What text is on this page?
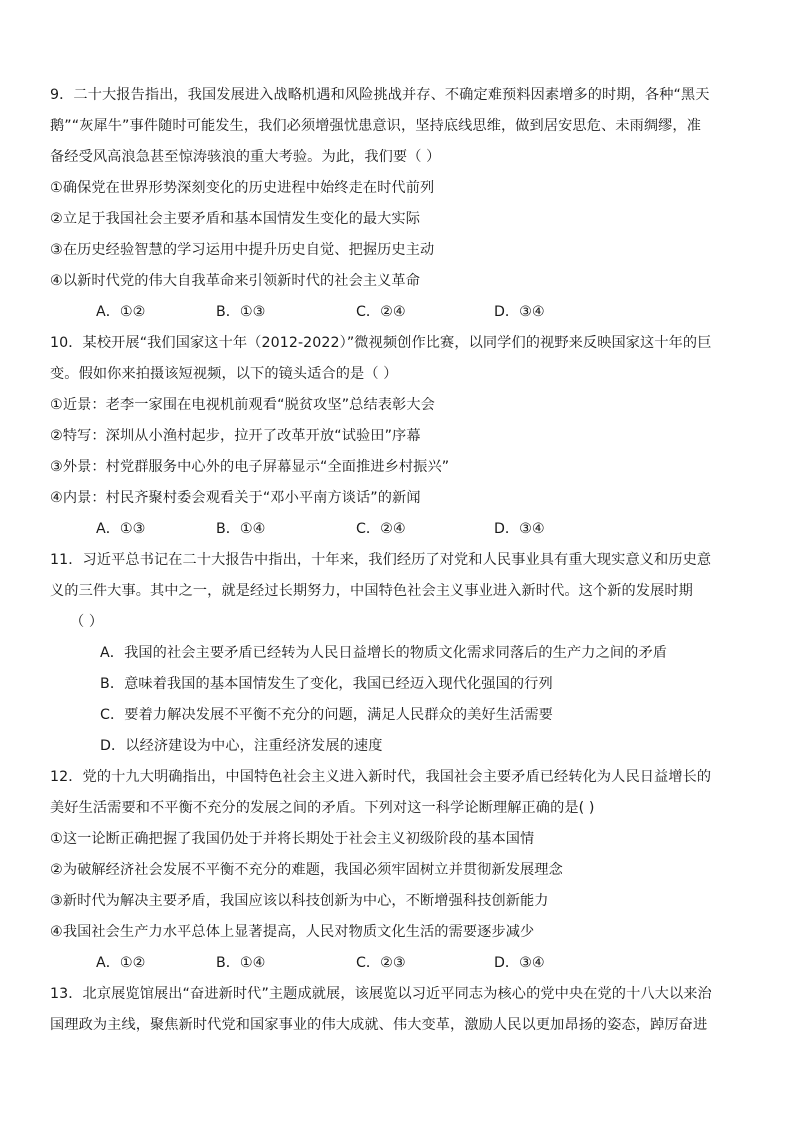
9．二十大报告指出，我国发展进入战略机遇和风险挑战并存、不确定难预料因素增多的时期，各种“黑天
鹅”“灰犀牛”事件随时可能发生，我们必须增强忧患意识，坚持底线思维，做到居安思危、未雨绸缪，准
备经受风高浪急甚至惊涛骇浪的重大考验。为此，我们要（ ）
①确保党在世界形势深刻变化的历史进程中始终走在时代前列
②立足于我国社会主要矛盾和基本国情发生变化的最大实际
③在历史经验智慧的学习运用中提升历史自觉、把握历史主动
④以新时代党的伟大自我革命来引领新时代的社会主义革命
A．①②	B．①③	C．②④	D．③④
10．某校开展“我们国家这十年（2012-2022）”微视频创作比赛，以同学们的视野来反映国家这十年的巨
变。假如你来拍摄该短视频，以下的镜头适合的是（ ）
①近景：老李一家围在电视机前观看“脱贫攻坚”总结表彰大会
②特写：深圳从小渔村起步，拉开了改革开放“试验田”序幕
③外景：村党群服务中心外的电子屏幕显示“全面推进乡村振兴”
④内景：村民齐聚村委会观看关于“邓小平南方谈话”的新闻
A．①③	B．①④	C．②④	D．③④
11．习近平总书记在二十大报告中指出，十年来，我们经历了对党和人民事业具有重大现实意义和历史意
义的三件大事。其中之一，就是经过长期努力，中国特色社会主义事业进入新时代。这个新的发展时期
（ ）
A．我国的社会主要矛盾已经转为人民日益增长的物质文化需求同落后的生产力之间的矛盾
B．意味着我国的基本国情发生了变化，我国已经迈入现代化强国的行列
C．要着力解决发展不平衡不充分的问题，满足人民群众的美好生活需要
D．以经济建设为中心，注重经济发展的速度
12．党的十九大明确指出，中国特色社会主义进入新时代，我国社会主要矛盾已经转化为人民日益增长的
美好生活需要和不平衡不充分的发展之间的矛盾。下列对这一科学论断理解正确的是( )
①这一论断正确把握了我国仍处于并将长期处于社会主义初级阶段的基本国情
②为破解经济社会发展不平衡不充分的难题，我国必须牢固树立并贯彻新发展理念
③新时代为解决主要矛盾，我国应该以科技创新为中心，不断增强科技创新能力
④我国社会生产力水平总体上显著提高，人民对物质文化生活的需要逐步减少
A．①②	B．①④	C．②③	D．③④
13．北京展览馆展出“奋进新时代”主题成就展，该展览以习近平同志为核心的党中央在党的十八大以来治
国理政为主线，聚焦新时代党和国家事业的伟大成就、伟大变革，激励人民以更加昂扬的姿态，踔厉奋进
